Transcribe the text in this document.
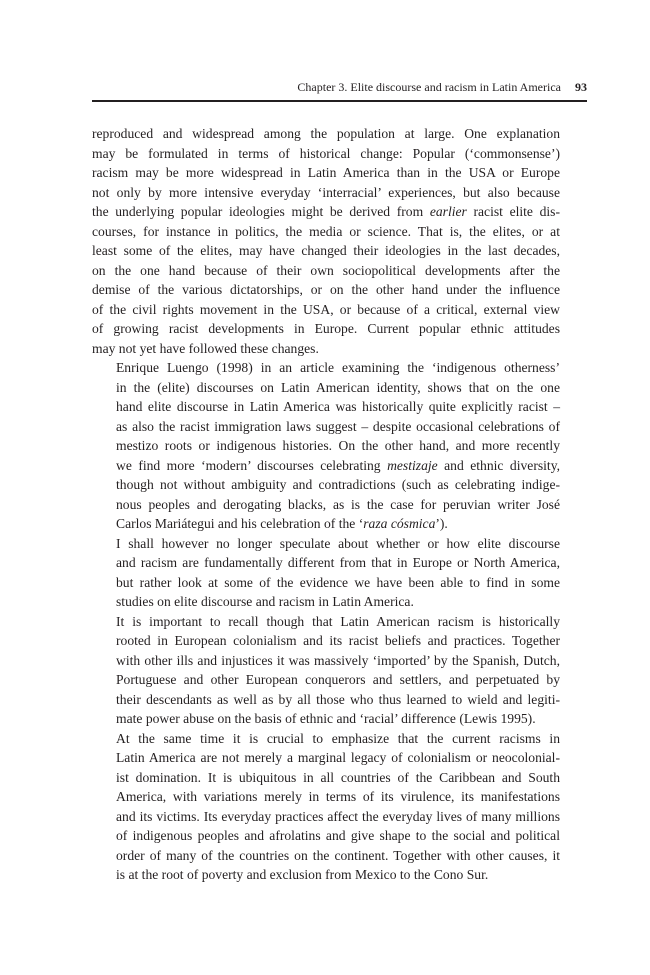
Chapter 3. Elite discourse and racism in Latin America 93

reproduced and widespread among the population at large. One explanation
may be formulated in terms of historical change: Popular (‘commonsense’)
racism may be more widespread in Latin America than in the USA or Europe
not only by more intensive everyday ‘interracial’ experiences, but also because
the underlying popular ideologies might be derived from earlier racist elite dis-
courses, for instance in politics, the media or science. That is, the elites, or at
least some of the elites, may have changed their ideologies in the last decades,
on the one hand because of their own sociopolitical developments after the
demise of the various dictatorships, or on the other hand under the influence
of the civil rights movement in the USA, or because of a critical, external view
of growing racist developments in Europe. Current popular ethnic attitudes
may not yet have followed these changes.

Enrique Luengo (1998) in an article examining the ‘indigenous otherness’
in the (elite) discourses on Latin American identity, shows that on the one
hand elite discourse in Latin America was historically quite explicitly racist –
as also the racist immigration laws suggest – despite occasional celebrations of
mestizo roots or indigenous histories. On the other hand, and more recently
we find more ‘modern’ discourses celebrating mestizaje and ethnic diversity,
though not without ambiguity and contradictions (such as celebrating indige-
nous peoples and derogating blacks, as is the case for peruvian writer José
Carlos Mariátegui and his celebration of the ‘raza cósmica’).

I shall however no longer speculate about whether or how elite discourse
and racism are fundamentally different from that in Europe or North America,
but rather look at some of the evidence we have been able to find in some
studies on elite discourse and racism in Latin America.

It is important to recall though that Latin American racism is historically
rooted in European colonialism and its racist beliefs and practices. Together
with other ills and injustices it was massively ‘imported’ by the Spanish, Dutch,
Portuguese and other European conquerors and settlers, and perpetuated by
their descendants as well as by all those who thus learned to wield and legiti-
mate power abuse on the basis of ethnic and ‘racial’ difference (Lewis 1995).

At the same time it is crucial to emphasize that the current racisms in
Latin America are not merely a marginal legacy of colonialism or neocolonial-
ist domination. It is ubiquitous in all countries of the Caribbean and South
America, with variations merely in terms of its virulence, its manifestations
and its victims. Its everyday practices affect the everyday lives of many millions
of indigenous peoples and afrolatins and give shape to the social and political
order of many of the countries on the continent. Together with other causes, it
is at the root of poverty and exclusion from Mexico to the Cono Sur.
